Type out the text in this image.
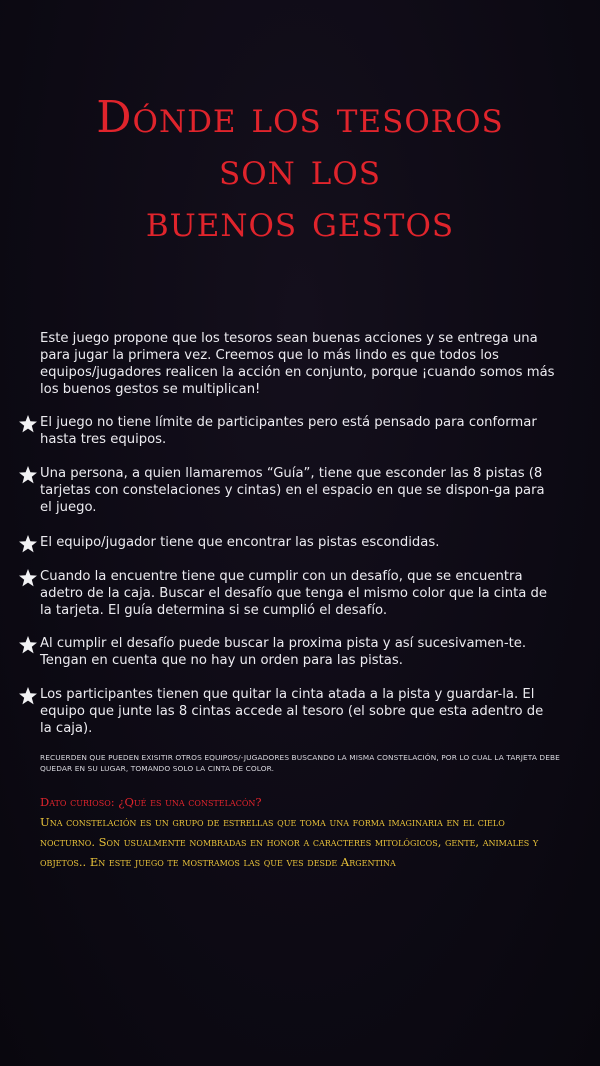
Dónde los tesoros
son los
buenos gestos
Este juego propone que los tesoros sean buenas acciones y se entrega una para jugar la primera vez. Creemos que lo más lindo es que todos los equipos/jugadores realicen la acción en conjunto, porque ¡cuando somos más los buenos gestos se multiplican!
El juego no tiene límite de participantes pero está pensado para conformar hasta tres equipos.
Una persona, a quien llamaremos “Guía”, tiene que esconder las 8 pistas (8 tarjetas con constelaciones y cintas) en el espacio en que se dispon-ga para el juego.
El equipo/jugador tiene que encontrar las pistas escondidas.
Cuando la encuentre tiene que cumplir con un desafío, que se encuentra adetro de la caja. Buscar el desafío que tenga el mismo color que la cinta de la tarjeta. El guía determina si se cumplió el desafío.
Al cumplir el desafío puede buscar la proxima pista y así sucesivamen-te. Tengan en cuenta que no hay un orden para las pistas.
Los participantes tienen que quitar la cinta atada a la pista y guardar-la. El equipo que junte las 8 cintas accede al tesoro (el sobre que esta adentro de la caja).
RECUERDEN QUE PUEDEN EXISITIR OTROS EQUIPOS/-JUGADORES BUSCANDO LA MISMA CONSTELACIÓN, POR LO CUAL LA TARJETA DEBE QUEDAR EN SU LUGAR, TOMANDO SOLO LA CINTA DE COLOR.
Dato curioso: ¿Qué es una constelacón?
Una constelación es un grupo de estrellas que toma una forma imaginaria en el cielo nocturno. Son usualmente nombradas en honor a caracteres mitológicos, gente, animales y objetos.. En este juego te mostramos las que ves desde Argentina
